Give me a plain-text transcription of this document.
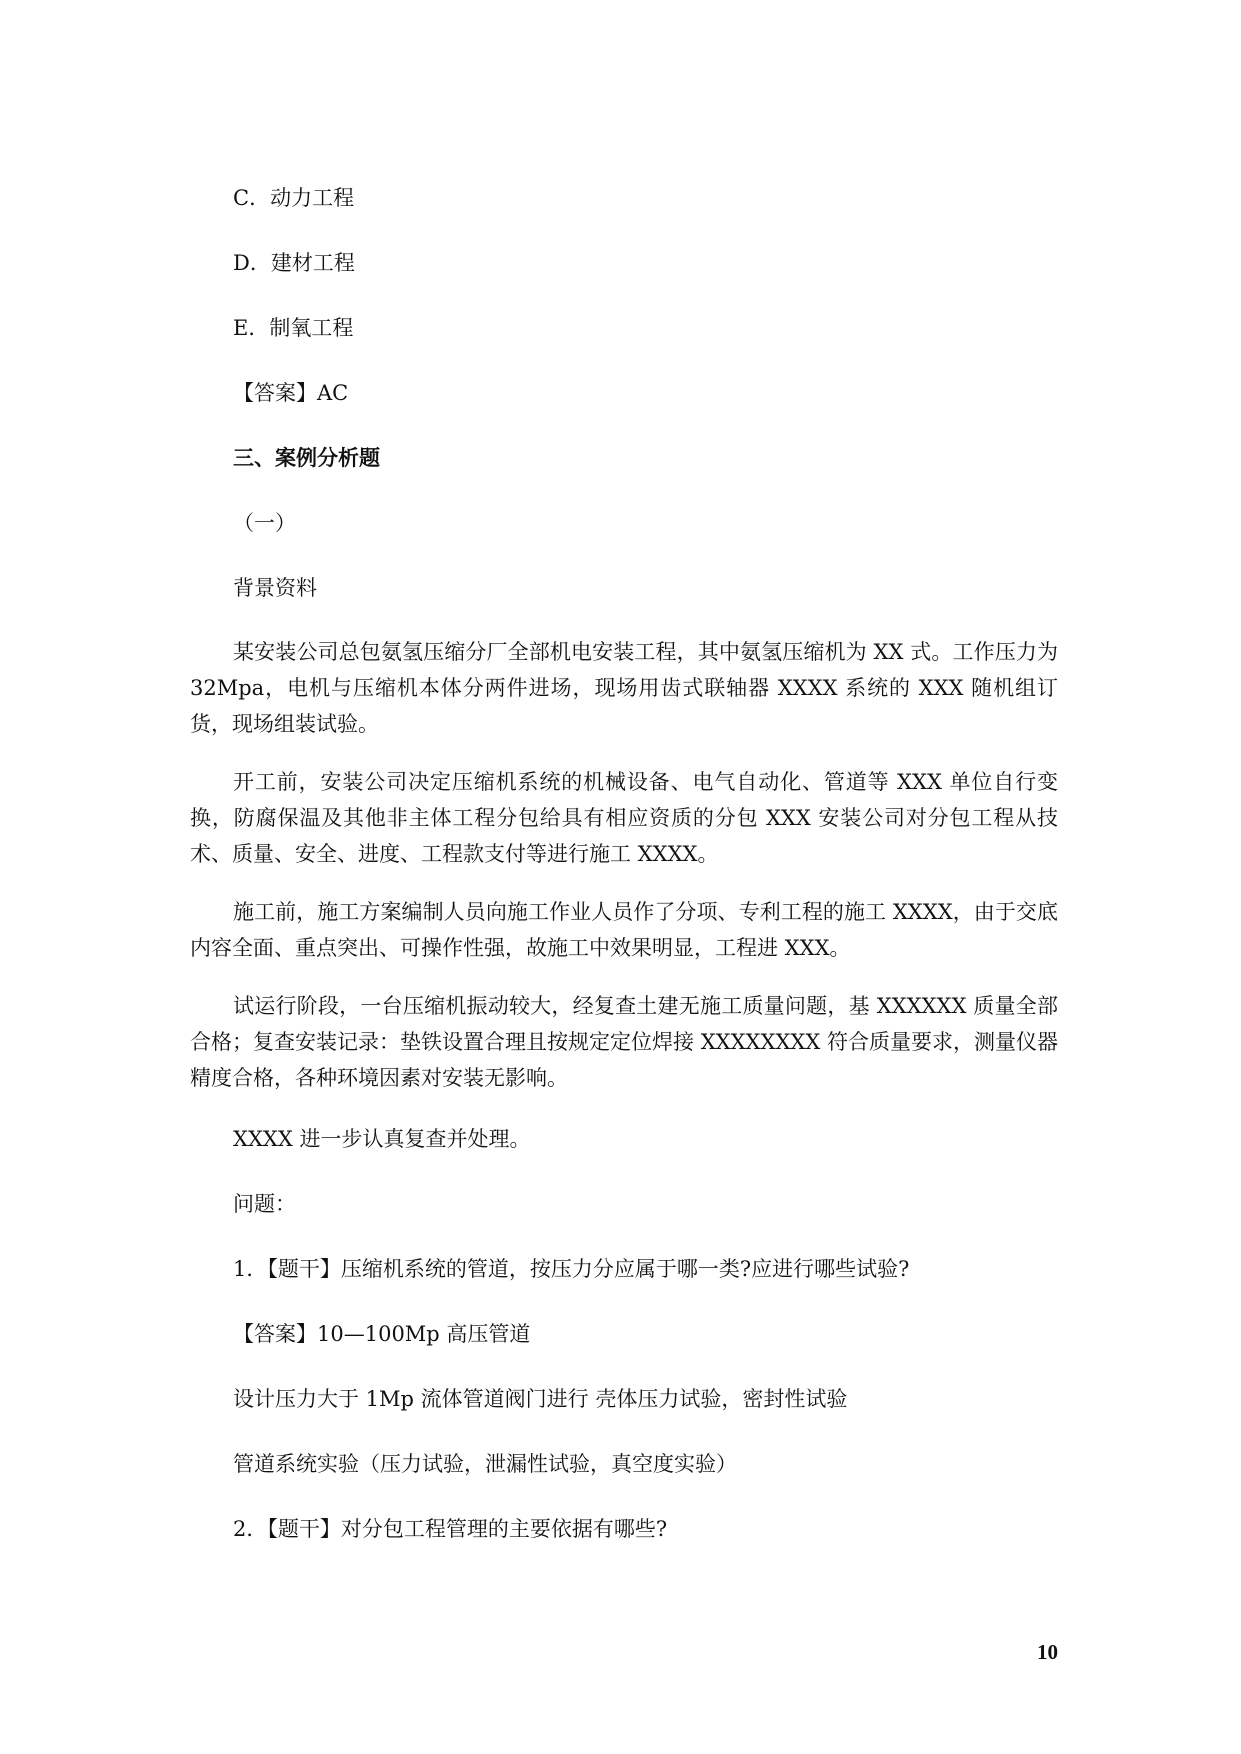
C．动力工程

D．建材工程

E．制氧工程

【答案】AC

三、案例分析题

（一）

背景资料

某安装公司总包氨氢压缩分厂全部机电安装工程，其中氨氢压缩机为 XX 式。工作压力为 32Mpa，电机与压缩机本体分两件进场，现场用齿式联轴器 XXXX 系统的 XXX 随机组订货，现场组装试验。

开工前，安装公司决定压缩机系统的机械设备、电气自动化、管道等 XXX 单位自行变换，防腐保温及其他非主体工程分包给具有相应资质的分包 XXX 安装公司对分包工程从技术、质量、安全、进度、工程款支付等进行施工 XXXX。

施工前，施工方案编制人员向施工作业人员作了分项、专利工程的施工 XXXX，由于交底内容全面、重点突出、可操作性强，故施工中效果明显，工程进 XXX。

试运行阶段，一台压缩机振动较大，经复查土建无施工质量问题，基 XXXXXX 质量全部合格；复查安装记录：垫铁设置合理且按规定定位焊接 XXXXXXXX 符合质量要求，测量仪器精度合格，各种环境因素对安装无影响。

XXXX 进一步认真复查并处理。

问题：

1．【题干】压缩机系统的管道，按压力分应属于哪一类?应进行哪些试验?

【答案】10—100Mp 高压管道

设计压力大于 1Mp 流体管道阀门进行 壳体压力试验，密封性试验

管道系统实验（压力试验，泄漏性试验，真空度实验）

2．【题干】对分包工程管理的主要依据有哪些?

10
